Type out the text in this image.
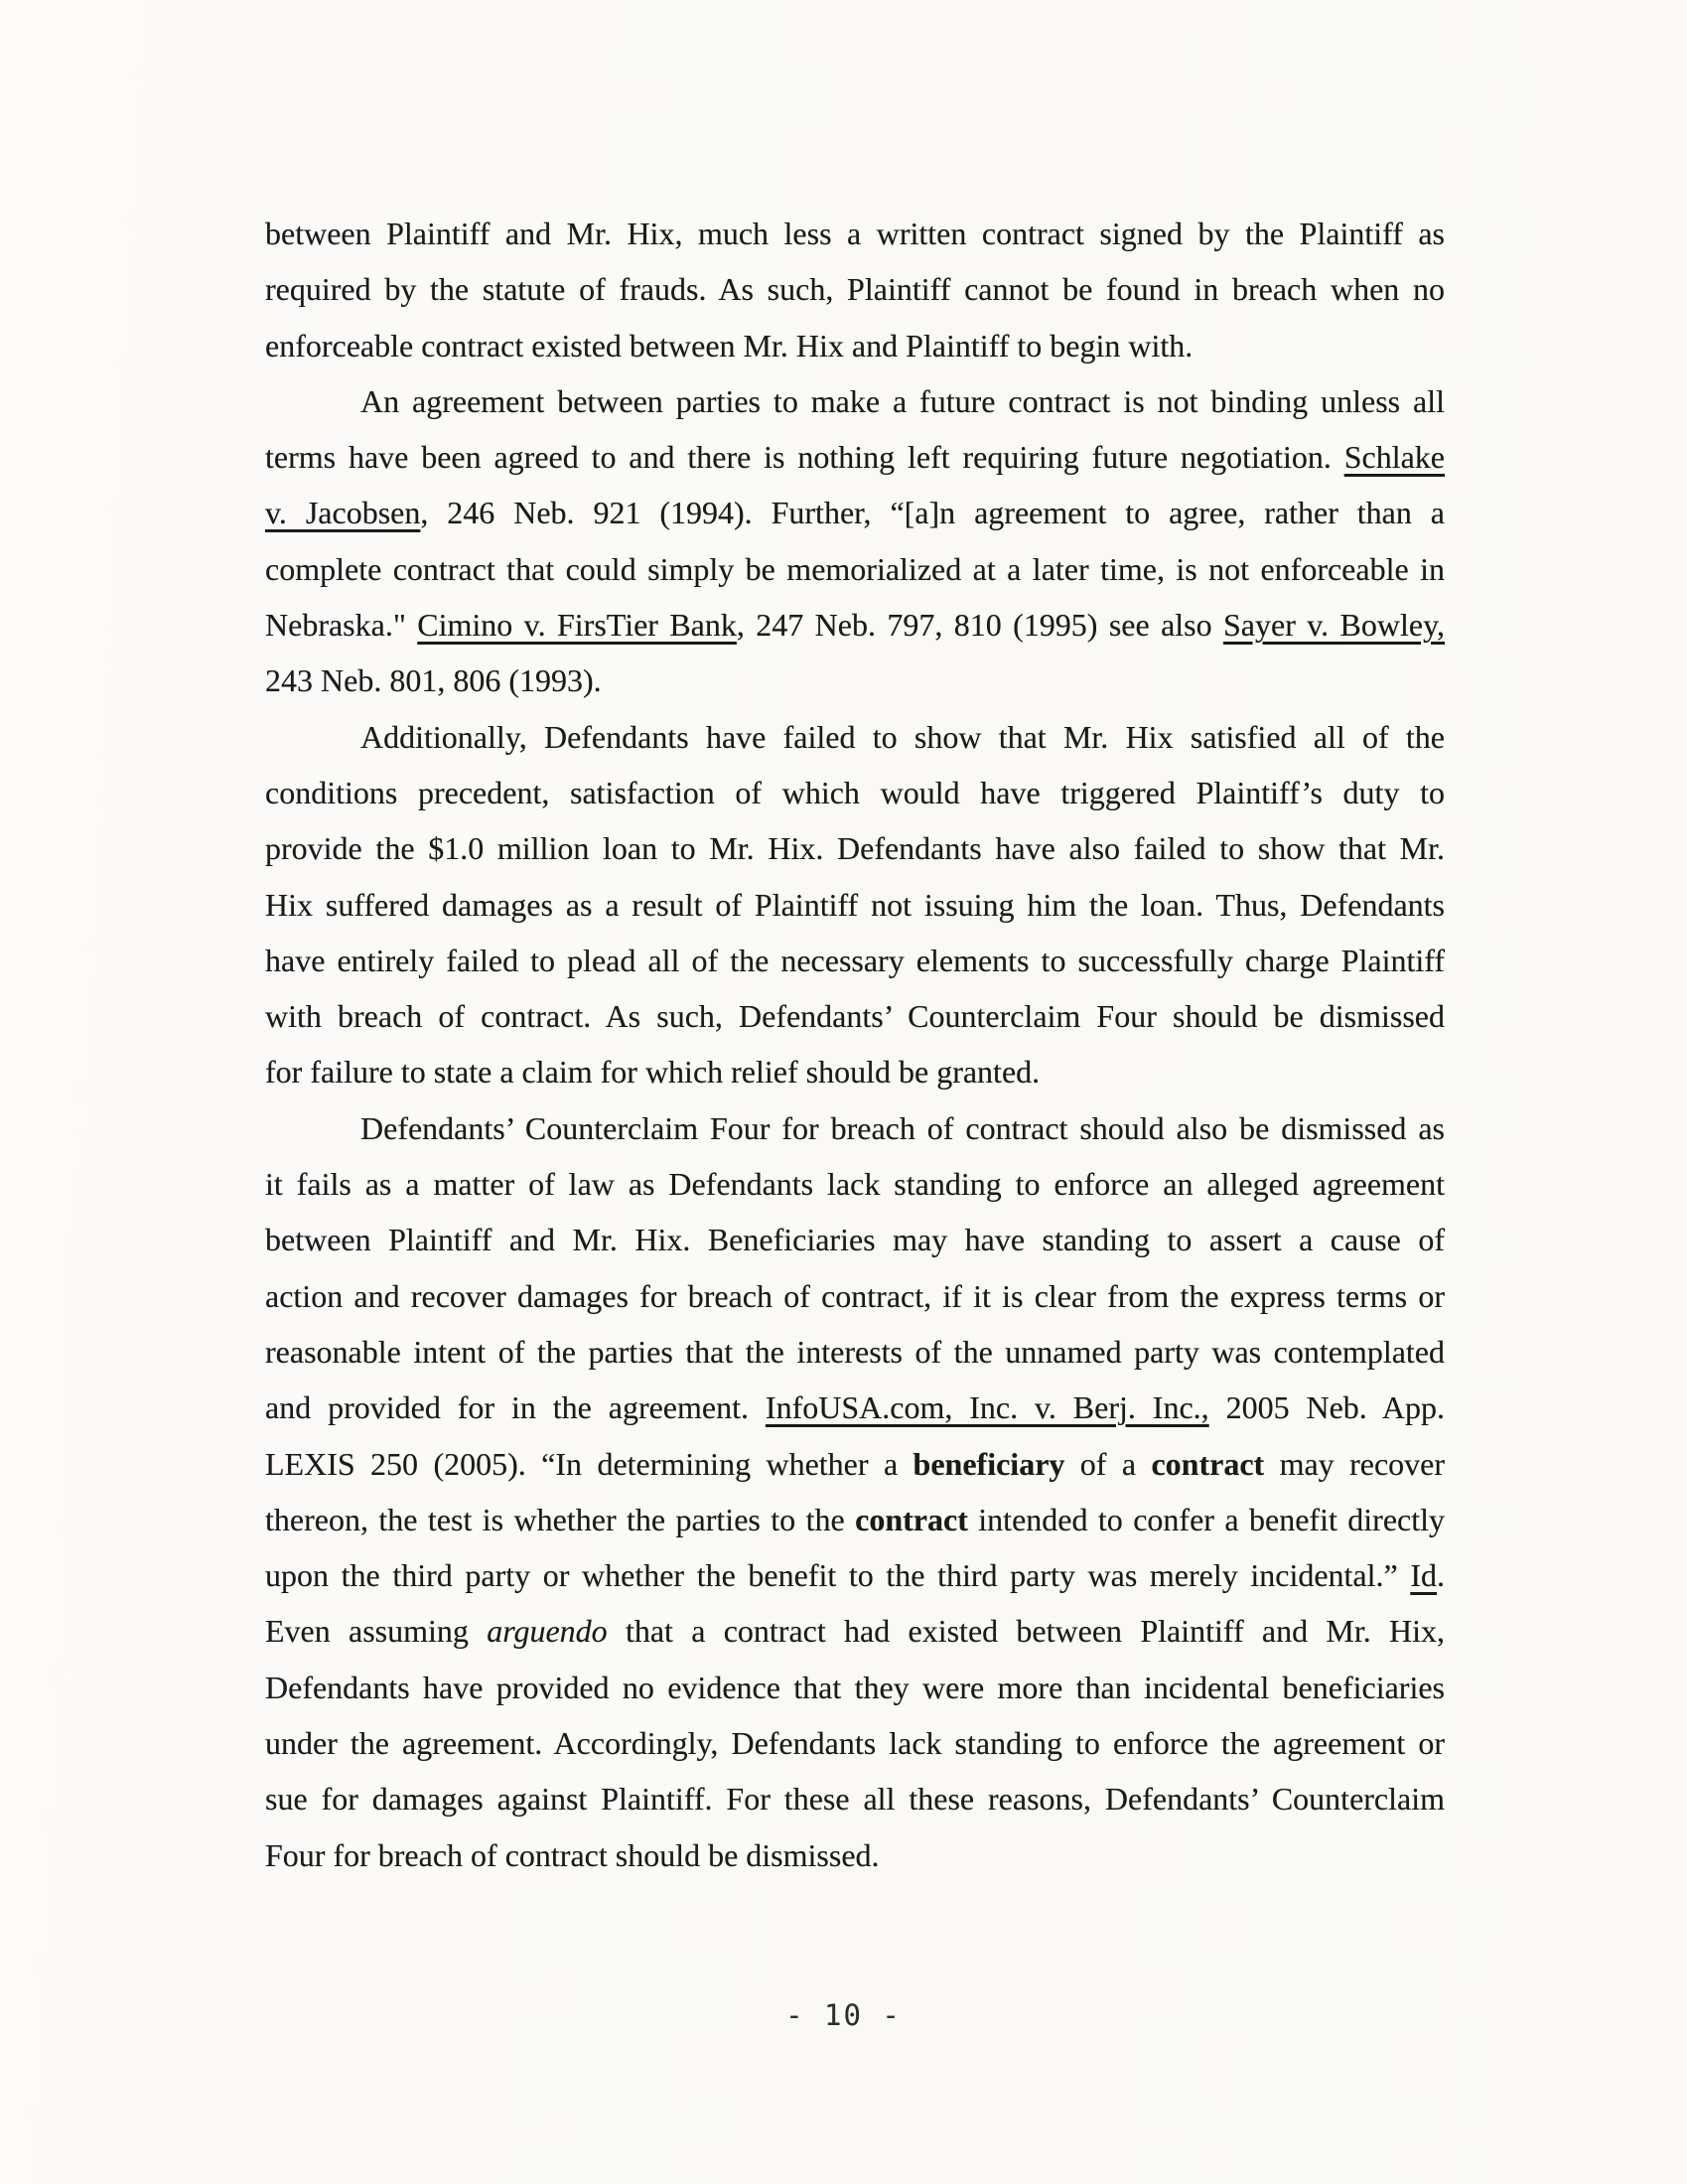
between Plaintiff and Mr. Hix, much less a written contract signed by the Plaintiff as
required by the statute of frauds. As such, Plaintiff cannot be found in breach when no
enforceable contract existed between Mr. Hix and Plaintiff to begin with.
An agreement between parties to make a future contract is not binding unless all
terms have been agreed to and there is nothing left requiring future negotiation. Schlake
v. Jacobsen, 246 Neb. 921 (1994). Further, “[a]n agreement to agree, rather than a
complete contract that could simply be memorialized at a later time, is not enforceable in
Nebraska." Cimino v. FirsTier Bank, 247 Neb. 797, 810 (1995) see also Sayer v. Bowley,
243 Neb. 801, 806 (1993).
Additionally, Defendants have failed to show that Mr. Hix satisfied all of the
conditions precedent, satisfaction of which would have triggered Plaintiff’s duty to
provide the $1.0 million loan to Mr. Hix. Defendants have also failed to show that Mr.
Hix suffered damages as a result of Plaintiff not issuing him the loan. Thus, Defendants
have entirely failed to plead all of the necessary elements to successfully charge Plaintiff
with breach of contract. As such, Defendants’ Counterclaim Four should be dismissed
for failure to state a claim for which relief should be granted.
Defendants’ Counterclaim Four for breach of contract should also be dismissed as
it fails as a matter of law as Defendants lack standing to enforce an alleged agreement
between Plaintiff and Mr. Hix. Beneficiaries may have standing to assert a cause of
action and recover damages for breach of contract, if it is clear from the express terms or
reasonable intent of the parties that the interests of the unnamed party was contemplated
and provided for in the agreement. InfoUSA.com, Inc. v. Berj. Inc., 2005 Neb. App.
LEXIS 250 (2005). “In determining whether a beneficiary of a contract may recover
thereon, the test is whether the parties to the contract intended to confer a benefit directly
upon the third party or whether the benefit to the third party was merely incidental.” Id.
Even assuming arguendo that a contract had existed between Plaintiff and Mr. Hix,
Defendants have provided no evidence that they were more than incidental beneficiaries
under the agreement. Accordingly, Defendants lack standing to enforce the agreement or
sue for damages against Plaintiff. For these all these reasons, Defendants’ Counterclaim
Four for breach of contract should be dismissed.
- 10 -
